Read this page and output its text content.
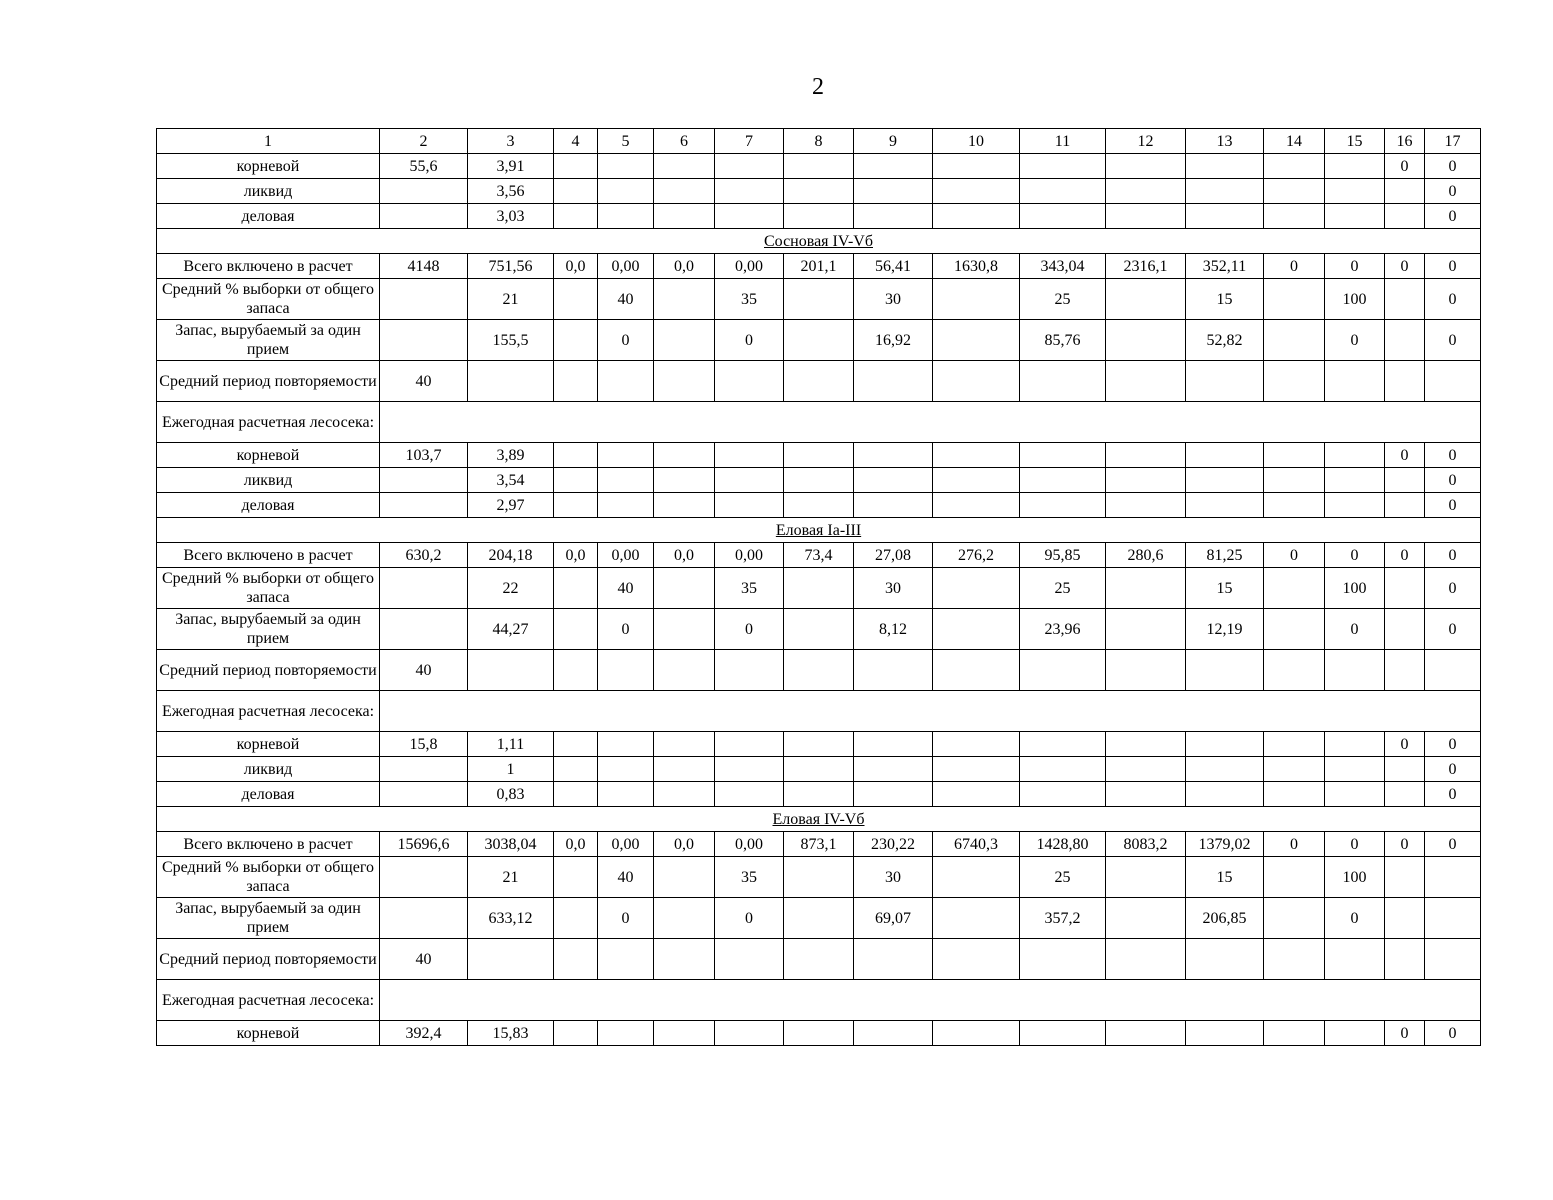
2
1	2	3	4	5	6	7	8	9	10	11	12	13	14	15	16	17
корневой	55,6	3,91													0	0
ликвид		3,56														0
деловая		3,03														0
Сосновая IV-Vб																
Всего включено в расчет	4148	751,56	0,0	0,00	0,0	0,00	201,1	56,41	1630,8	343,04	2316,1	352,11	0	0	0	0
Средний % выборки от общего запаса		21		40		35		30		25		15		100		0
Запас, вырубаемый за один прием		155,5		0		0		16,92		85,76		52,82		0		0
Средний период повторяемости	40															
Ежегодная расчетная лесосека:																
корневой	103,7	3,89													0	0
ликвид		3,54														0
деловая		2,97														0
Еловая Ia-III																
Всего включено в расчет	630,2	204,18	0,0	0,00	0,0	0,00	73,4	27,08	276,2	95,85	280,6	81,25	0	0	0	0
Средний % выборки от общего запаса		22		40		35		30		25		15		100		0
Запас, вырубаемый за один прием		44,27		0		0		8,12		23,96		12,19		0		0
Средний период повторяемости	40															
Ежегодная расчетная лесосека:																
корневой	15,8	1,11													0	0
ликвид		1														0
деловая		0,83														0
Еловая IV-Vб																
Всего включено в расчет	15696,6	3038,04	0,0	0,00	0,0	0,00	873,1	230,22	6740,3	1428,80	8083,2	1379,02	0	0	0	0
Средний % выборки от общего запаса		21		40		35		30		25		15		100		
Запас, вырубаемый за один прием		633,12		0		0		69,07		357,2		206,85		0		
Средний период повторяемости	40															
Ежегодная расчетная лесосека:																
корневой	392,4	15,83													0	0
